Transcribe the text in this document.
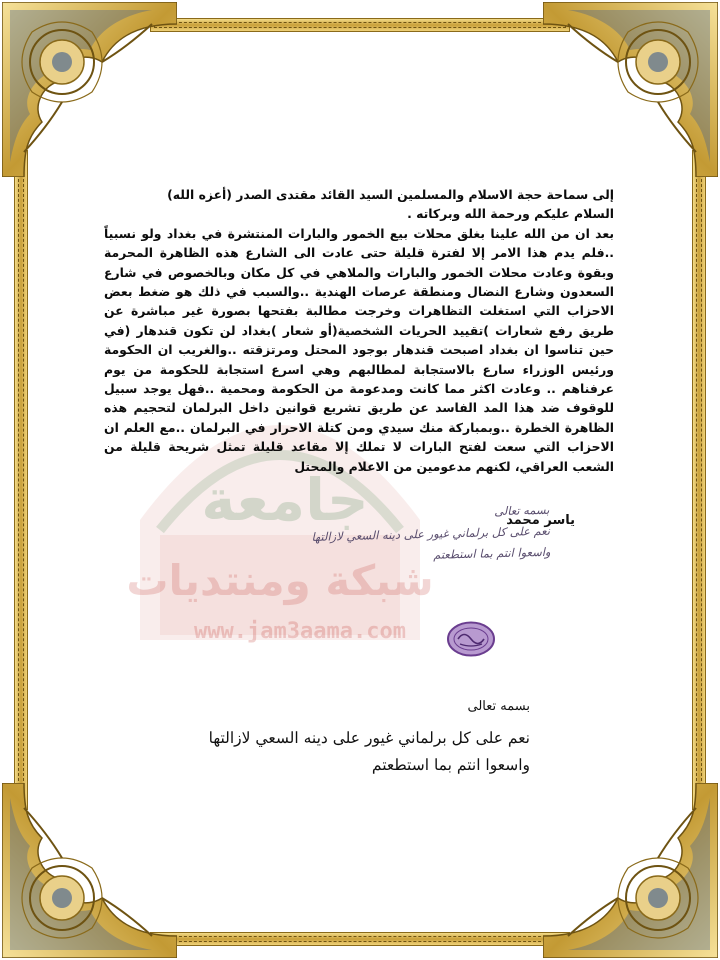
جامعة
شبكة ومنتديات
www.jam3aama.com

إلى سماحة حجة الاسلام والمسلمين السيد القائد مقتدى الصدر (أعزه الله)

السلام عليكم ورحمة الله وبركاته .

بعد ان من الله علينا بغلق محلات بيع الخمور والبارات المنتشرة في بغداد ولو نسبياً ..فلم يدم هذا الامر إلا لفترة قليلة حتى عادت الى الشارع هذه الظاهرة المحرمة وبقوة وعادت محلات الخمور والبارات والملاهي في كل مكان وبالخصوص في شارع السعدون وشارع النضال ومنطقة عرصات الهندية ..والسبب في ذلك هو ضغط بعض الاحزاب التي استغلت التظاهرات وخرجت مطالبة بفتحها بصورة غير مباشرة عن طريق رفع شعارات )تقييد الحريات الشخصية(أو شعار )بغداد لن تكون قندهار (في حين تناسوا ان بغداد اصبحت قندهار بوجود المحتل ومرتزقته ..والغريب ان الحكومة ورئيس الوزراء سارع بالاستجابة لمطالبهم وهي اسرع استجابة للحكومة من يوم عرفناهم .. وعادت اكثر مما كانت ومدعومة من الحكومة ومحمية ..فهل يوجد سبيل للوقوف ضد هذا المد الفاسد عن طريق تشريع قوانين داخل البرلمان لتحجيم هذه الظاهرة الخطرة ..وبمباركة منك سيدي ومن كتلة الاحرار في البرلمان ..مع العلم ان الاحزاب التي سعت لفتح البارات لا تملك إلا مقاعد قليلة تمثل شريحة قليلة من الشعب العراقي، لكنهم مدعومين من الاعلام والمحتل

ياسر محمد
بسمه تعالى
نعم على كل برلماني غيور على دينه السعي لازالتها
واسعوا انتم بما استطعتم
بسمه تعالى
نعم على كل برلماني غيور على دينه السعي لازالتها
واسعوا انتم بما استطعتم
